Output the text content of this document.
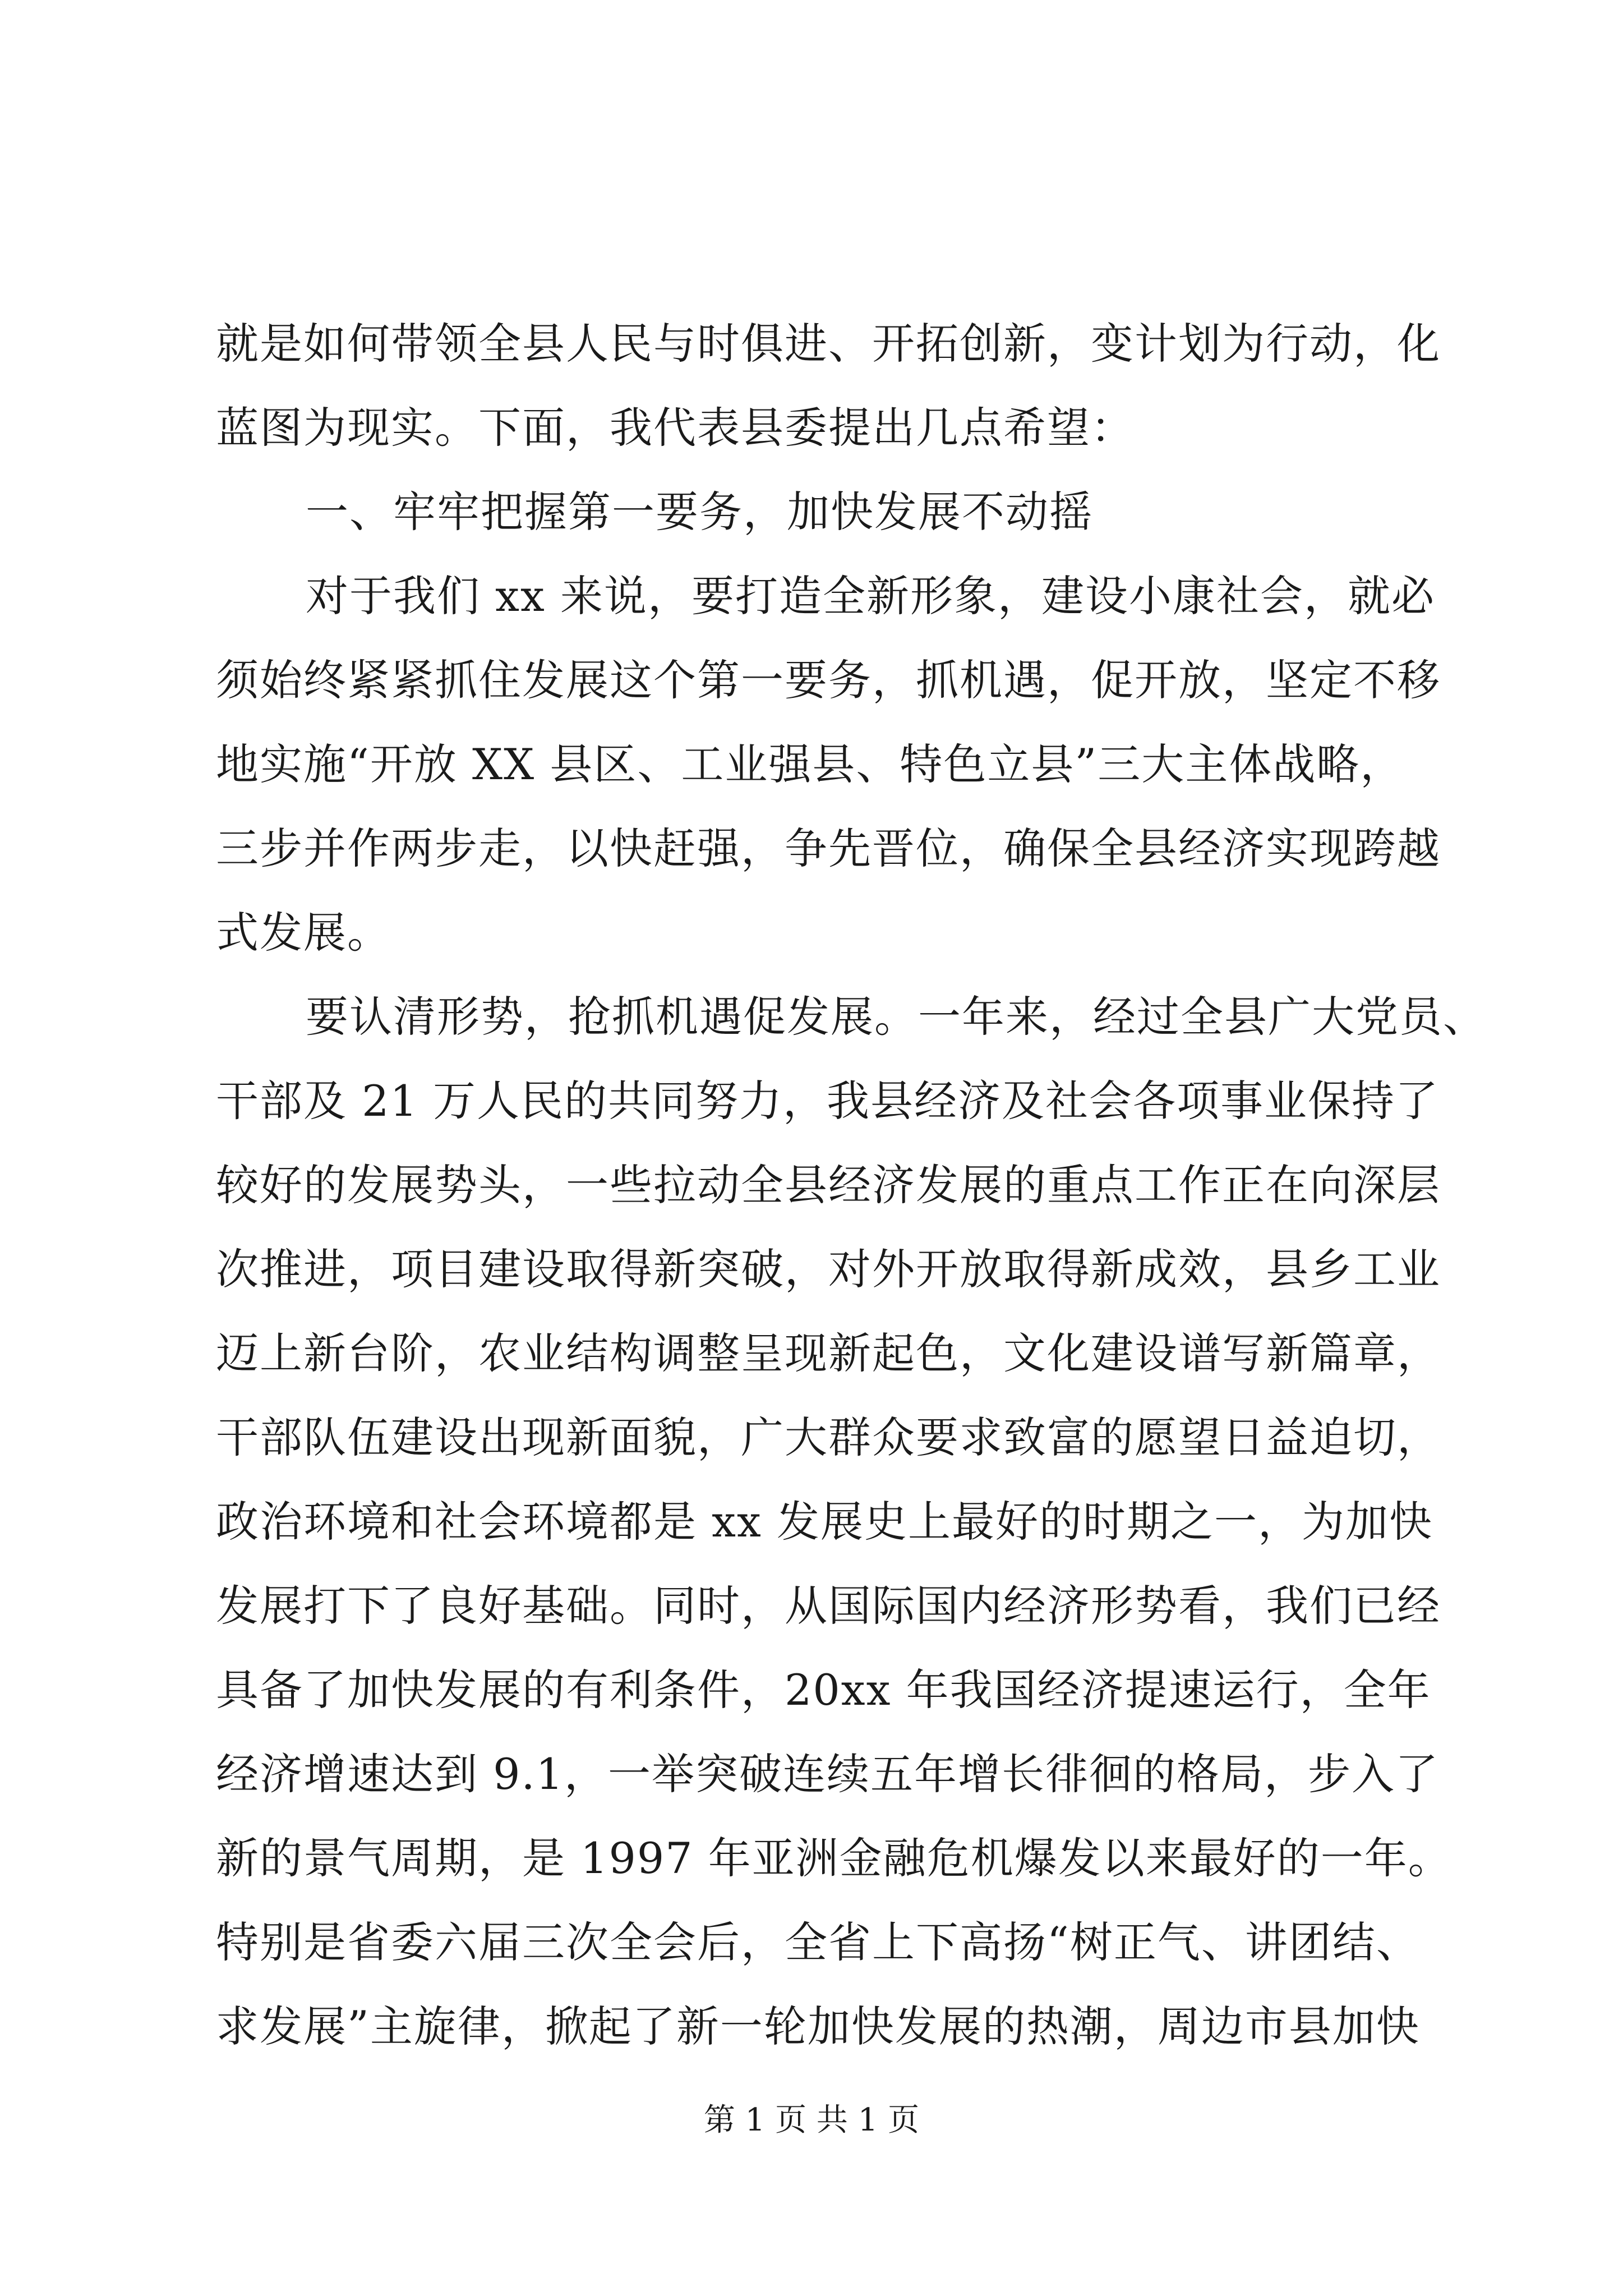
就是如何带领全县人民与时俱进、开拓创新，变计划为行动，化
蓝图为现实。下面，我代表县委提出几点希望：
一、牢牢把握第一要务，加快发展不动摇
对于我们 xx 来说，要打造全新形象，建设小康社会，就必
须始终紧紧抓住发展这个第一要务，抓机遇，促开放，坚定不移
地实施“开放 XX 县区、工业强县、特色立县”三大主体战略，
三步并作两步走，以快赶强，争先晋位，确保全县经济实现跨越
式发展。
要认清形势，抢抓机遇促发展。一年来，经过全县广大党员、
干部及 21 万人民的共同努力，我县经济及社会各项事业保持了
较好的发展势头，一些拉动全县经济发展的重点工作正在向深层
次推进，项目建设取得新突破，对外开放取得新成效，县乡工业
迈上新台阶，农业结构调整呈现新起色，文化建设谱写新篇章，
干部队伍建设出现新面貌，广大群众要求致富的愿望日益迫切，
政治环境和社会环境都是 xx 发展史上最好的时期之一，为加快
发展打下了良好基础。同时，从国际国内经济形势看，我们已经
具备了加快发展的有利条件，20xx 年我国经济提速运行，全年
经济增速达到 9.1，一举突破连续五年增长徘徊的格局，步入了
新的景气周期，是 1997 年亚洲金融危机爆发以来最好的一年。
特别是省委六届三次全会后，全省上下高扬“树正气、讲团结、
求发展”主旋律，掀起了新一轮加快发展的热潮，周边市县加快
第 1 页 共 1 页
